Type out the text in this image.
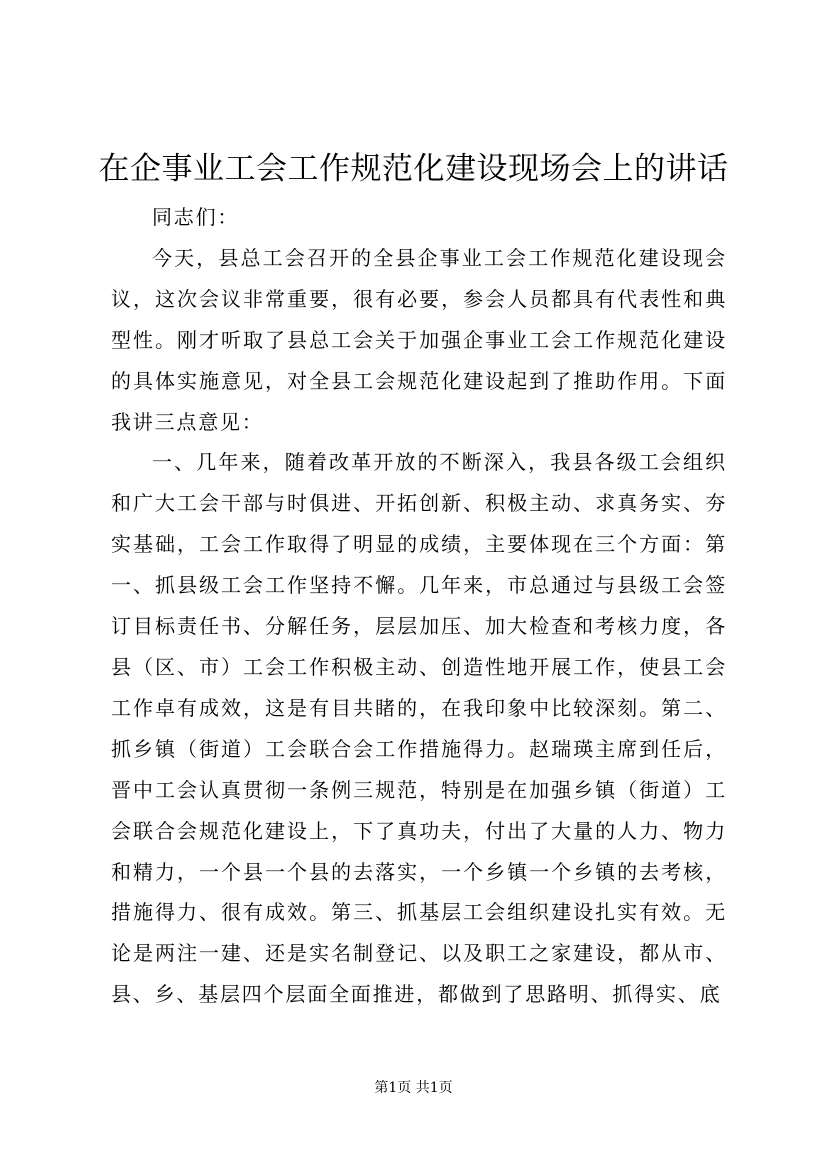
在企事业工会工作规范化建设现场会上的讲话

同志们：

今天，县总工会召开的全县企事业工会工作规范化建设现会议，这次会议非常重要，很有必要，参会人员都具有代表性和典型性。刚才听取了县总工会关于加强企事业工会工作规范化建设的具体实施意见，对全县工会规范化建设起到了推助作用。下面我讲三点意见：

一、几年来，随着改革开放的不断深入，我县各级工会组织和广大工会干部与时俱进、开拓创新、积极主动、求真务实、夯实基础，工会工作取得了明显的成绩，主要体现在三个方面：第一、抓县级工会工作坚持不懈。几年来，市总通过与县级工会签订目标责任书、分解任务，层层加压、加大检查和考核力度，各县（区、市）工会工作积极主动、创造性地开展工作，使县工会工作卓有成效，这是有目共睹的，在我印象中比较深刻。第二、抓乡镇（街道）工会联合会工作措施得力。赵瑞瑛主席到任后，晋中工会认真贯彻一条例三规范，特别是在加强乡镇（街道）工会联合会规范化建设上，下了真功夫，付出了大量的人力、物力和精力，一个县一个县的去落实，一个乡镇一个乡镇的去考核，措施得力、很有成效。第三、抓基层工会组织建设扎实有效。无论是两注一建、还是实名制登记、以及职工之家建设，都从市、县、乡、基层四个层面全面推进，都做到了思路明、抓得实、底

第1页 共1页
